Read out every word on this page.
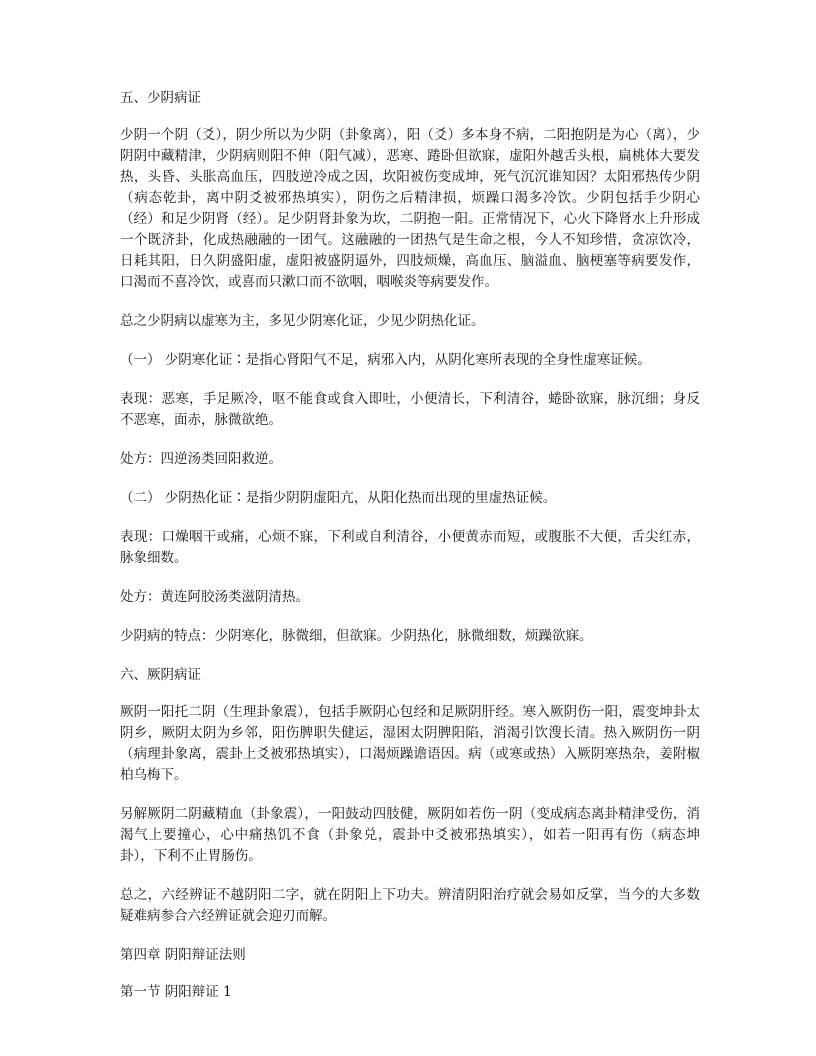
五、少阴病证
少阴一个阴（爻），阴少所以为少阴（卦象离），阳（爻）多本身不病，二阳抱阴是为心（离），少阴阴中藏精津，少阴病则阳不伸（阳气减），恶寒、踡卧但欲寐，虚阳外越舌头根，扁桃体大要发热，头昏、头胀高血压，四肢逆冷成之因，坎阳被伤变成坤，死气沉沉谁知因？太阳邪热传少阴（病态乾卦，离中阴爻被邪热填实），阴伤之后精津损，烦躁口渴多冷饮。少阴包括手少阴心（经）和足少阴肾（经）。足少阴肾卦象为坎，二阴抱一阳。正常情况下，心火下降肾水上升形成一个既济卦，化成热融融的一团气。这融融的一团热气是生命之根，今人不知珍惜，贪凉饮冷，日耗其阳，日久阴盛阳虚，虚阳被盛阴逼外，四肢烦燥，高血压、脑溢血、脑梗塞等病要发作，口渴而不喜冷饮，或喜而只漱口而不欲咽，咽喉炎等病要发作。
总之少阴病以虚寒为主，多见少阴寒化证，少见少阴热化证。
（一） 少阴寒化证∶是指心肾阳气不足，病邪入内，从阴化寒所表现的全身性虚寒证候。
表现：恶寒，手足厥冷，呕不能食或食入即吐，小便清长，下利清谷，蜷卧欲寐，脉沉细；身反不恶寒，面赤，脉微欲绝。
处方：四逆汤类回阳救逆。
（二） 少阴热化证∶是指少阴阴虚阳亢，从阳化热而出现的里虚热证候。
表现：口燥咽干或痛，心烦不寐，下利或自利清谷，小便黄赤而短，或腹胀不大便，舌尖红赤，脉象细数。
处方：黄连阿胶汤类滋阴清热。
少阴病的特点：少阴寒化，脉微细，但欲寐。少阴热化，脉微细数，烦躁欲寐。
六、厥阴病证
厥阴一阳托二阴（生理卦象震），包括手厥阴心包经和足厥阴肝经。寒入厥阴伤一阳，震变坤卦太阴乡，厥阴太阴为乡邻，阳伤脾职失健运，湿困太阴脾阳陷，消渴引饮溲长清。热入厥阴伤一阴（病理卦象离，震卦上爻被邪热填实），口渴烦躁谵语因。病（或寒或热）入厥阴寒热杂，姜附椒柏乌梅下。
另解厥阴二阴藏精血（卦象震），一阳鼓动四肢健，厥阴如若伤一阴（变成病态离卦精津受伤，消渴气上要撞心，心中痛热饥不食（卦象兑，震卦中爻被邪热填实），如若一阳再有伤（病态坤卦），下利不止胃肠伤。
总之，六经辨证不越阴阳二字，就在阴阳上下功夫。辨清阴阳治疗就会易如反掌，当今的大多数疑难病参合六经辨证就会迎刃而解。
第四章 阴阳辩证法则
第一节 阴阳辩证 1
